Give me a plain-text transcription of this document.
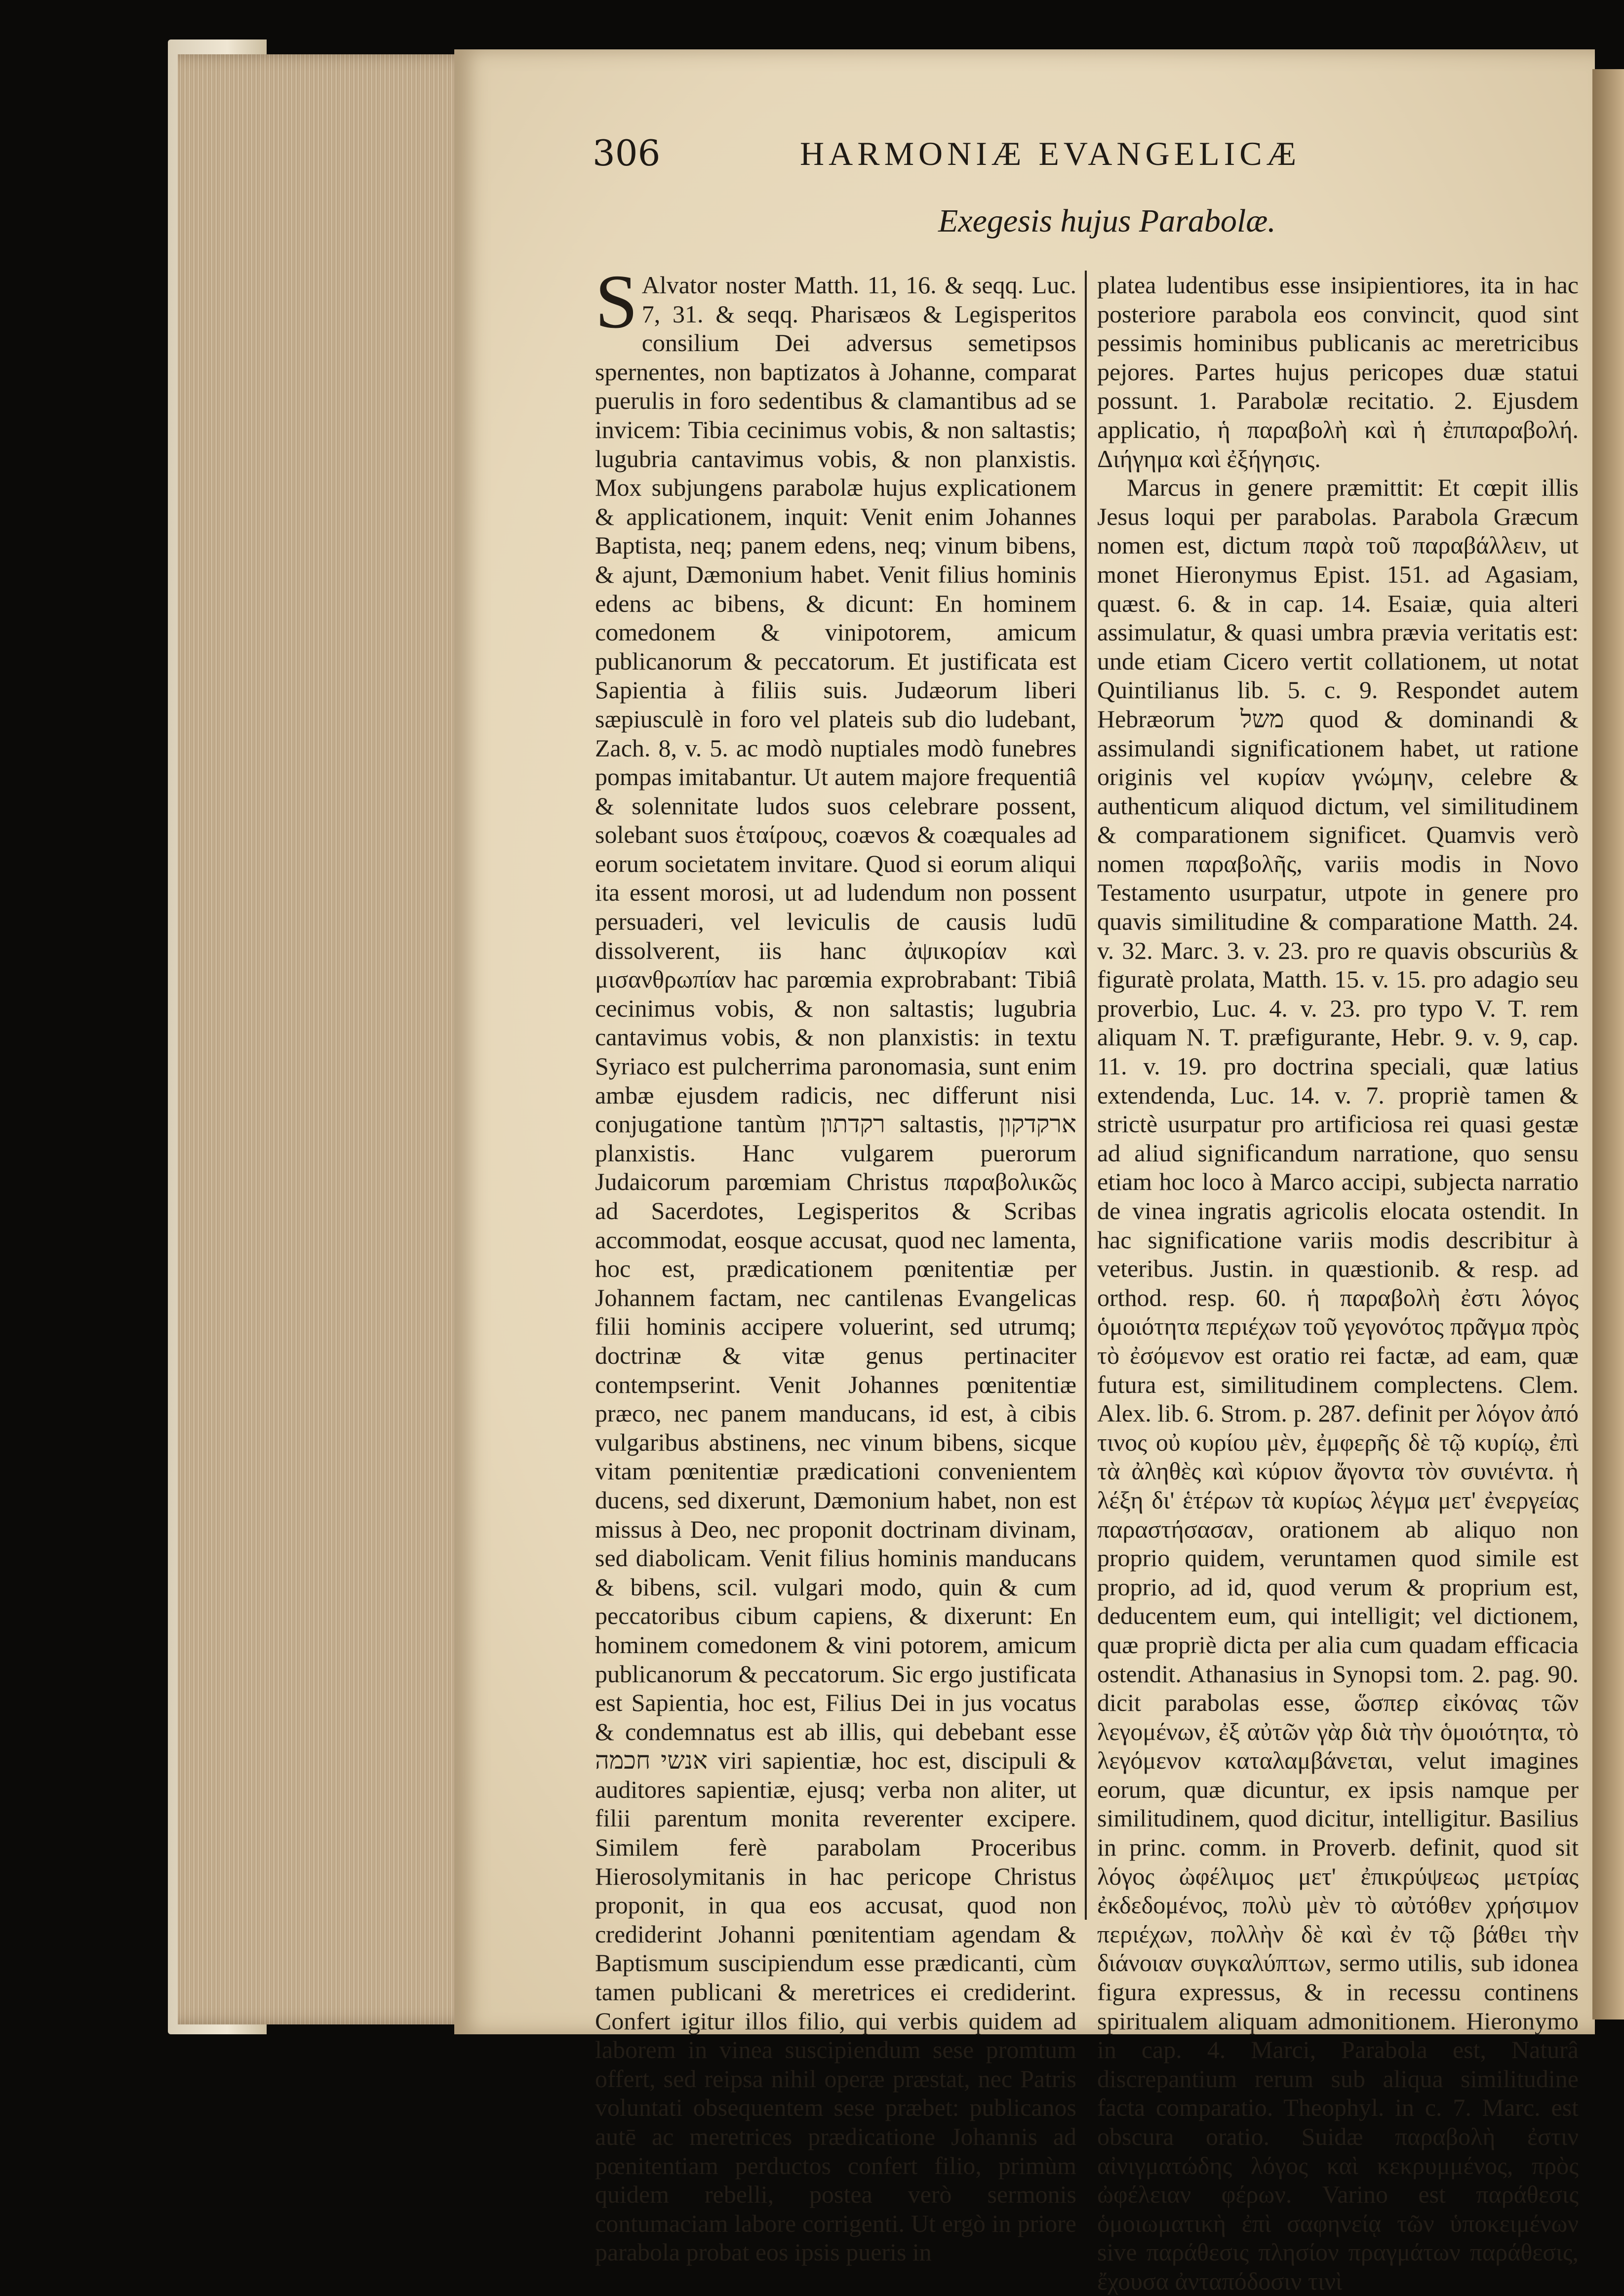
306	HARMONIÆ EVANGELICÆ
Exegesis hujus Parabolæ.

S Alvator noster Matth. 11, 16. & seqq. Luc. 7, 31. & seqq. Pharisæos & Legisperitos consilium Dei adversus semetipsos spernentes, non baptizatos à Johanne, comparat puerulis in foro sedentibus & clamantibus ad se invicem: Tibia cecinimus vobis, & non saltastis; lugubria cantavimus vobis, & non planxistis. Mox subjungens parabolæ hujus explicationem & applicationem, inquit: Venit enim Johannes Baptista, neq; panem edens, neq; vinum bibens, & ajunt, Dæmonium habet. Venit filius hominis edens ac bibens, & dicunt: En hominem comedonem & vinipotorem, amicum publicanorum & peccatorum. Et justificata est Sapientia à filiis suis. Judæorum liberi sæpiusculè in foro vel plateis sub dio ludebant, Zach. 8, v. 5. ac modò nuptiales modò funebres pompas imitabantur. Ut autem majore frequentiâ & solennitate ludos suos celebrare possent, solebant suos ἑταίρους, coævos & coæquales ad eorum societatem invitare. Quod si eorum aliqui ita essent morosi, ut ad ludendum non possent persuaderi, vel leviculis de causis ludū dissolverent, iis hanc ἀψικορίαν καὶ μισανθρωπίαν hac parœmia exprobrabant: Tibiâ cecinimus vobis, & non saltastis; lugubria cantavimus vobis, & non planxistis: in textu Syriaco est pulcherrima paronomasia, sunt enim ambæ ejusdem radicis, nec differunt nisi conjugatione tantùm רקדתון saltastis, ארקדקון planxistis. Hanc vulgarem puerorum Judaicorum parœmiam Christus παραβολικῶς ad Sacerdotes, Legisperitos & Scribas accommodat, eosque accusat, quod nec lamenta, hoc est, prædicationem pœnitentiæ per Johannem factam, nec cantilenas Evangelicas filii hominis accipere voluerint, sed utrumq; doctrinæ & vitæ genus pertinaciter contempserint. Venit Johannes pœnitentiæ præco, nec panem manducans, id est, à cibis vulgaribus abstinens, nec vinum bibens, sicque vitam pœnitentiæ prædicationi convenientem ducens, sed dixerunt, Dæmonium habet, non est missus à Deo, nec proponit doctrinam divinam, sed diabolicam. Venit filius hominis manducans & bibens, scil. vulgari modo, quin & cum peccatoribus cibum capiens, & dixerunt: En hominem comedonem & vini potorem, amicum publicanorum & peccatorum. Sic ergo justificata est Sapientia, hoc est, Filius Dei in jus vocatus & condemnatus est ab illis, qui debebant esse אנשי חכמה viri sapientiæ, hoc est, discipuli & auditores sapientiæ, ejusq; verba non aliter, ut filii parentum monita reverenter excipere. Similem ferè parabolam Proceribus Hierosolymitanis in hac pericope Christus proponit, in qua eos accusat, quod non crediderint Johanni pœnitentiam agendam & Baptismum suscipiendum esse prædicanti, cùm tamen publicani & meretrices ei crediderint. Confert igitur illos filio, qui verbis quidem ad laborem in vinea suscipiendum sese promtum offert, sed reipsa nihil operæ præstat, nec Patris voluntati obsequentem sese præbet: publicanos autē ac meretrices prædicatione Johannis ad pœnitentiam perductos confert filio, primùm quidem rebelli, postea verò sermonis contumaciam labore corrigenti. Ut ergò in priore parabola probat eos ipsis pueris in

platea ludentibus esse insipientiores, ita in hac posteriore parabola eos convincit, quod sint pessimis hominibus publicanis ac meretricibus pejores. Partes hujus pericopes duæ statui possunt. 1. Parabolæ recitatio. 2. Ejusdem applicatio, ἡ παραβολὴ καὶ ἡ ἐπιπαραβολή. Διήγημα καὶ ἐξήγησις.

Marcus in genere præmittit: Et cœpit illis Jesus loqui per parabolas. Parabola Græcum nomen est, dictum παρὰ τοῦ παραβάλλειν, ut monet Hieronymus Epist. 151. ad Agasiam, quæst. 6. & in cap. 14. Esaiæ, quia alteri assimulatur, & quasi umbra prævia veritatis est: unde etiam Cicero vertit collationem, ut notat Quintilianus lib. 5. c. 9. Respondet autem Hebræorum משל quod & dominandi & assimulandi significationem habet, ut ratione originis vel κυρίαν γνώμην, celebre & authenticum aliquod dictum, vel similitudinem & comparationem significet. Quamvis verò nomen παραβολῆς, variis modis in Novo Testamento usurpatur, utpote in genere pro quavis similitudine & comparatione Matth. 24. v. 32. Marc. 3. v. 23. pro re quavis obscuriùs & figuratè prolata, Matth. 15. v. 15. pro adagio seu proverbio, Luc. 4. v. 23. pro typo V. T. rem aliquam N. T. præfigurante, Hebr. 9. v. 9, cap. 11. v. 19. pro doctrina speciali, quæ latius extendenda, Luc. 14. v. 7. propriè tamen & strictè usurpatur pro artificiosa rei quasi gestæ ad aliud significandum narratione, quo sensu etiam hoc loco à Marco accipi, subjecta narratio de vinea ingratis agricolis elocata ostendit. In hac significatione variis modis describitur à veteribus. Justin. in quæstionib. & resp. ad orthod. resp. 60. ἡ παραβολὴ ἐστι λόγος ὁμοιότητα περιέχων τοῦ γεγονότος πρᾶγμα πρὸς τὸ ἐσόμενον est oratio rei factæ, ad eam, quæ futura est, similitudinem complectens. Clem. Alex. lib. 6. Strom. p. 287. definit per λόγον ἀπό τινος οὐ κυρίου μὲν, ἐμφερῆς δὲ τῷ κυρίῳ, ἐπὶ τὰ ἀληθὲς καὶ κύριον ἄγοντα τὸν συνιέντα. ἡ λέξη δι' ἑτέρων τὰ κυρίως λέγμα μετ' ἐνεργείας παραστήσασαν, orationem ab aliquo non proprio quidem, veruntamen quod simile est proprio, ad id, quod verum & proprium est, deducentem eum, qui intelligit; vel dictionem, quæ propriè dicta per alia cum quadam efficacia ostendit. Athanasius in Synopsi tom. 2. pag. 90. dicit parabolas esse, ὥσπερ εἰκόνας τῶν λεγομένων, ἐξ αὐτῶν γὰρ διὰ τὴν ὁμοιότητα, τὸ λεγόμενον καταλαμβάνεται, velut imagines eorum, quæ dicuntur, ex ipsis namque per similitudinem, quod dicitur, intelligitur. Basilius in princ. comm. in Proverb. definit, quod sit λόγος ὠφέλιμος μετ' ἐπικρύψεως μετρίας ἐκδεδομένος, πολὺ μὲν τὸ αὐτόθεν χρήσιμον περιέχων, πολλὴν δὲ καὶ ἐν τῷ βάθει τὴν διάνοιαν συγκαλύπτων, sermo utilis, sub idonea figura expressus, & in recessu continens spiritualem aliquam admonitionem. Hieronymo in cap. 4. Marci, Parabola est, Naturâ discrepantium rerum sub aliqua similitudine facta comparatio. Theophyl. in c. 7. Marc. est obscura oratio. Suidæ παραβολὴ ἐστιν αἰνιγματώδης λόγος καὶ κεκρυμμένος, πρὸς ὠφέλειαν φέρων. Varino est παράθεσις ὁμοιωματικὴ ἐπὶ σαφηνείᾳ τῶν ὑποκειμένων sive παράθεσις πλησίον πραγμάτων παράθεσις, ἔχουσα ἀνταπόδοσιν τινὶ
